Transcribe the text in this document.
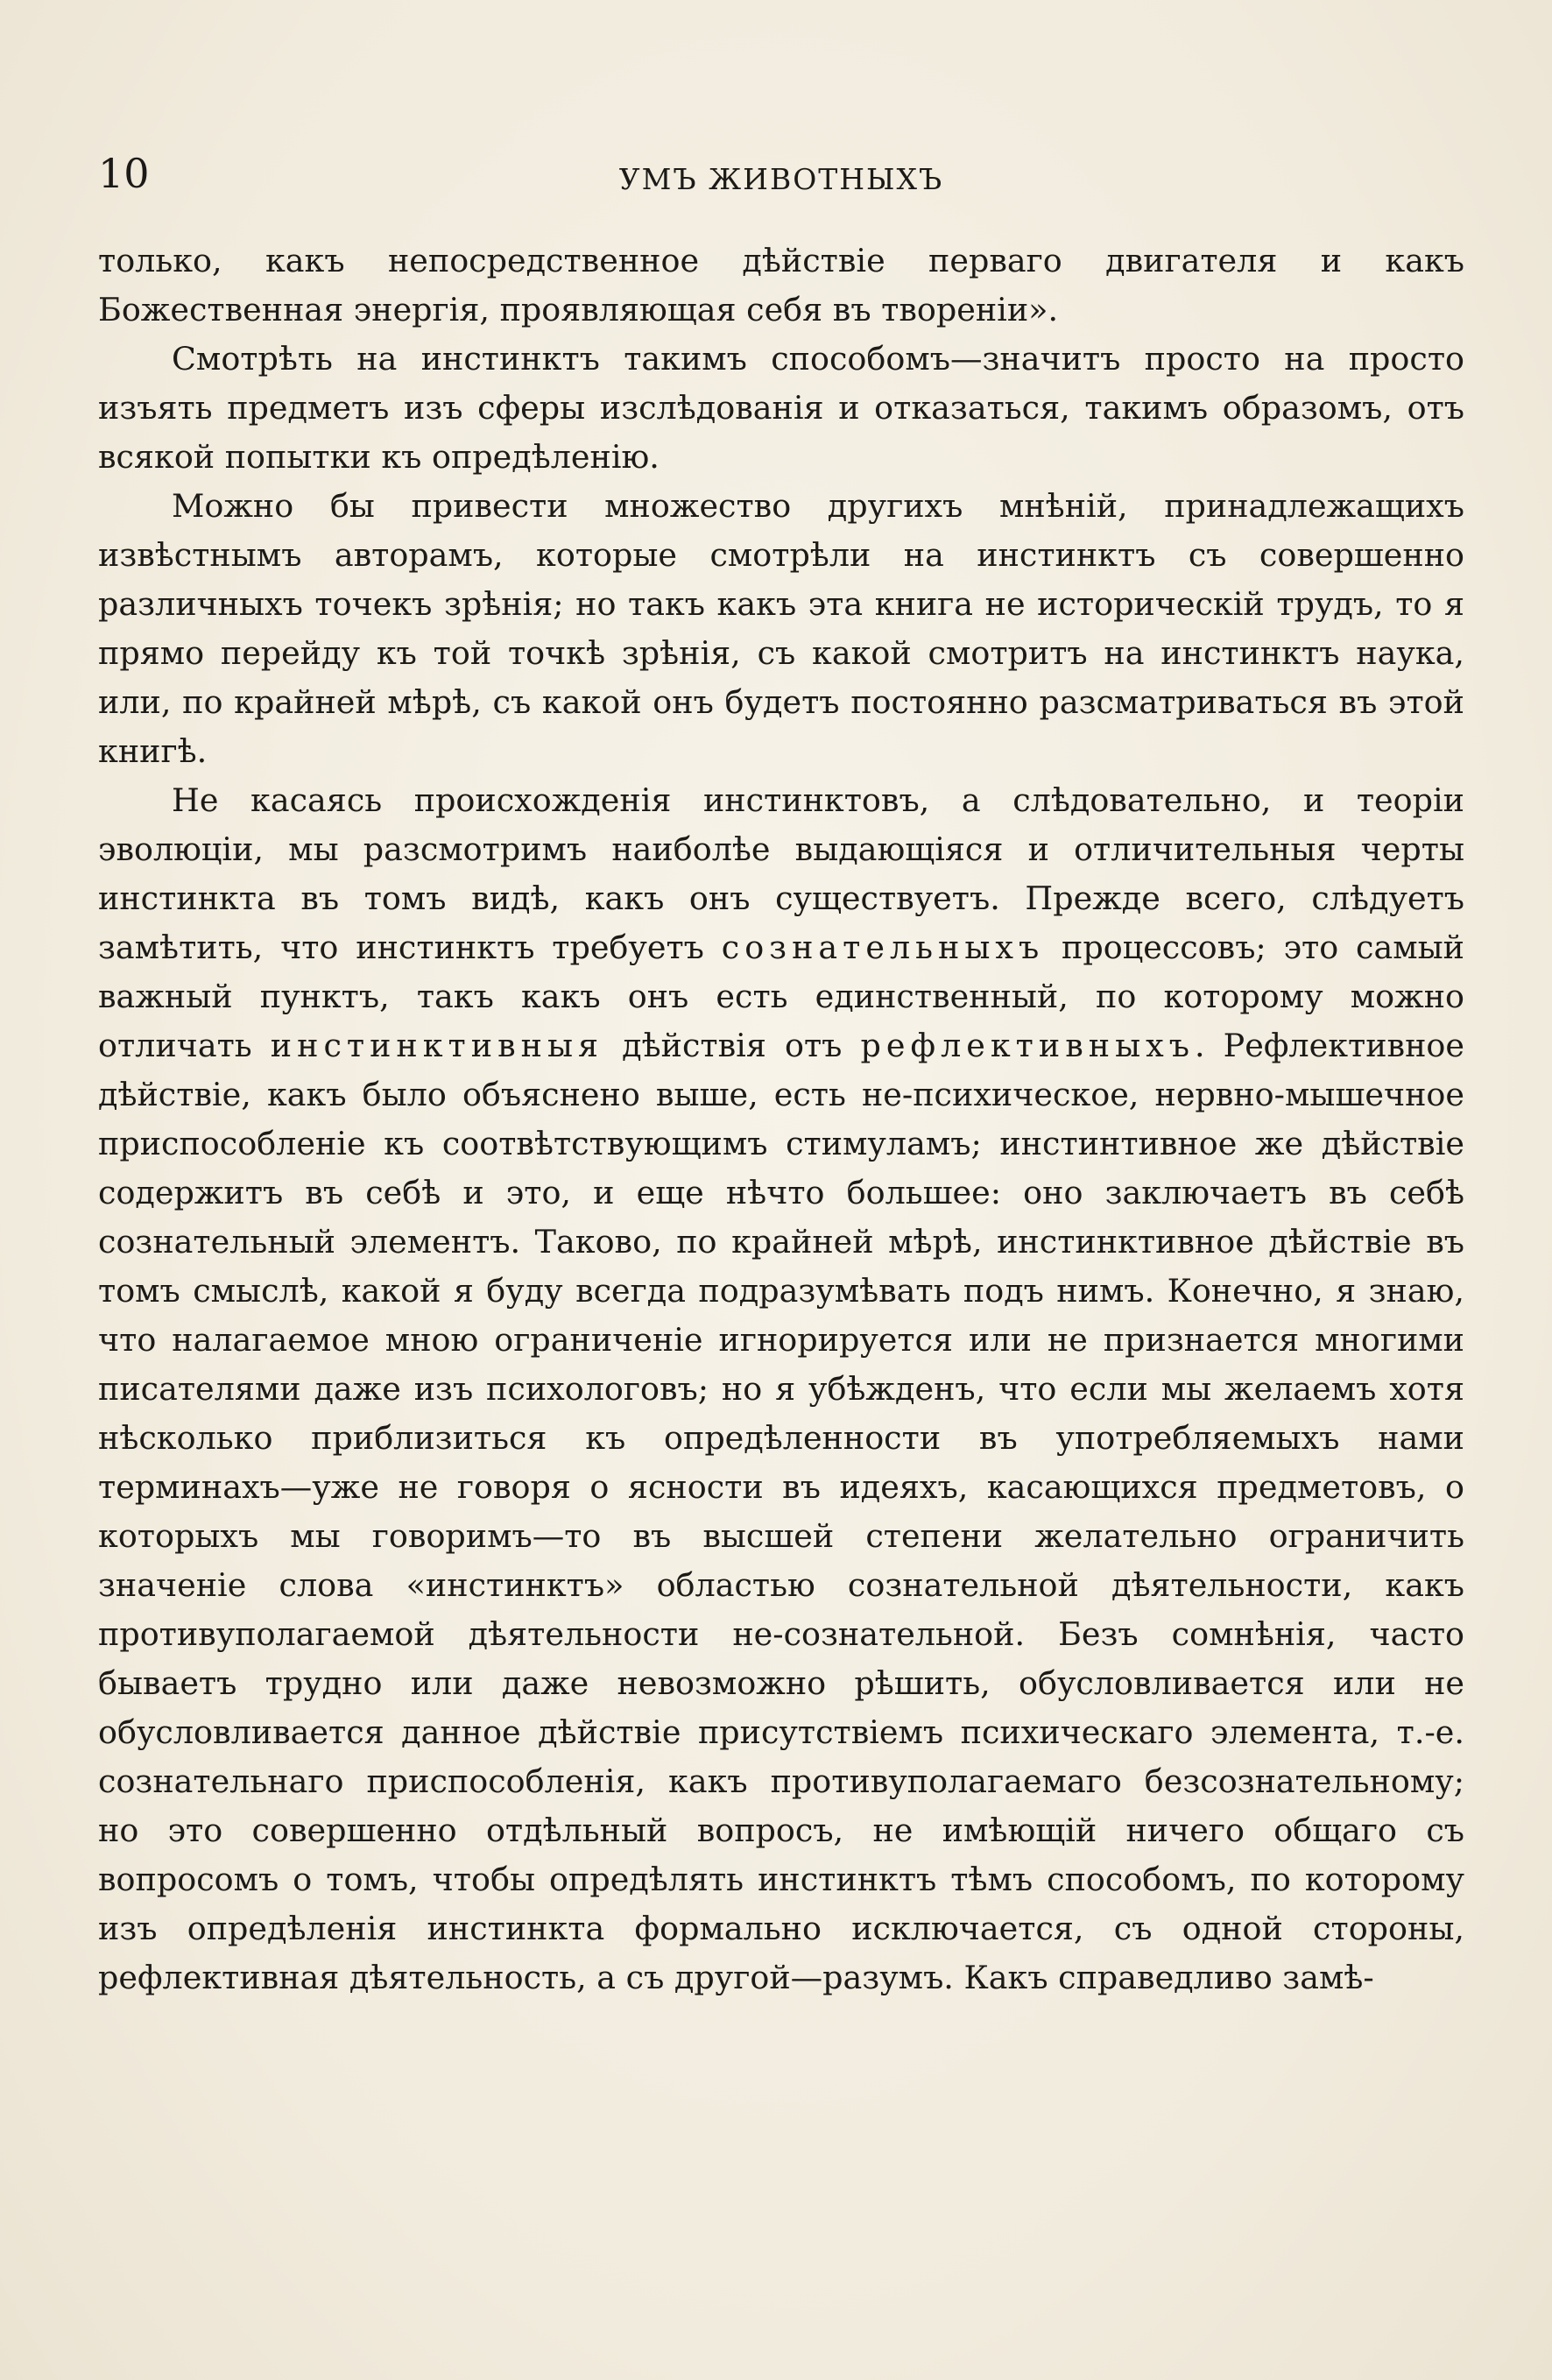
10	УМЪ ЖИВОТНЫХЪ

только, какъ непосредственное дѣйствіе перваго двигателя и какъ Божественная энергія, проявляющая себя въ твореніи».

Смотрѣть на инстинктъ такимъ способомъ—значитъ просто на просто изъять предметъ изъ сферы изслѣдованія и отказаться, такимъ образомъ, отъ всякой попытки къ опредѣленію.

Можно бы привести множество другихъ мнѣній, принадлежащихъ извѣстнымъ авторамъ, которые смотрѣли на инстинктъ съ совершенно различныхъ точекъ зрѣнія; но такъ какъ эта книга не историческій трудъ, то я прямо перейду къ той точкѣ зрѣнія, съ какой смотритъ на инстинктъ наука, или, по крайней мѣрѣ, съ какой онъ будетъ постоянно разсматриваться въ этой книгѣ.

Не касаясь происхожденія инстинктовъ, а слѣдовательно, и теоріи эволюціи, мы разсмотримъ наиболѣе выдающіяся и отличительныя черты инстинкта въ томъ видѣ, какъ онъ существуетъ. Прежде всего, слѣдуетъ замѣтить, что инстинктъ требуетъ сознательныхъ процессовъ; это самый важный пунктъ, такъ какъ онъ есть единственный, по которому можно отличать инстинктивныя дѣйствія отъ рефлективныхъ. Рефлективное дѣйствіе, какъ было объяснено выше, есть не-психическое, нервно-мышечное приспособленіе къ соотвѣтствующимъ стимуламъ; инстинтивное же дѣйствіе содержитъ въ себѣ и это, и еще нѣчто большее: оно заключаетъ въ себѣ сознательный элементъ. Таково, по крайней мѣрѣ, инстинктивное дѣйствіе въ томъ смыслѣ, какой я буду всегда подразумѣвать подъ нимъ. Конечно, я знаю, что налагаемое мною ограниченіе игнорируется или не признается многими писателями даже изъ психологовъ; но я убѣжденъ, что если мы желаемъ хотя нѣсколько приблизиться къ опредѣленности въ употребляемыхъ нами терминахъ—уже не говоря о ясности въ идеяхъ, касающихся предметовъ, о которыхъ мы говоримъ—то въ высшей степени желательно ограничить значеніе слова «инстинктъ» областью сознательной дѣятельности, какъ противуполагаемой дѣятельности не-сознательной. Безъ сомнѣнія, часто бываетъ трудно или даже невозможно рѣшить, обусловливается или не обусловливается данное дѣйствіе присутствіемъ психическаго элемента, т.-е. сознательнаго приспособленія, какъ противуполагаемаго безсознательному; но это совершенно отдѣльный вопросъ, не имѣющій ничего общаго съ вопросомъ о томъ, чтобы опредѣлять инстинктъ тѣмъ способомъ, по которому изъ опредѣленія инстинкта формально исключается, съ одной стороны, рефлективная дѣятельность, а съ другой—разумъ. Какъ справедливо замѣ-
